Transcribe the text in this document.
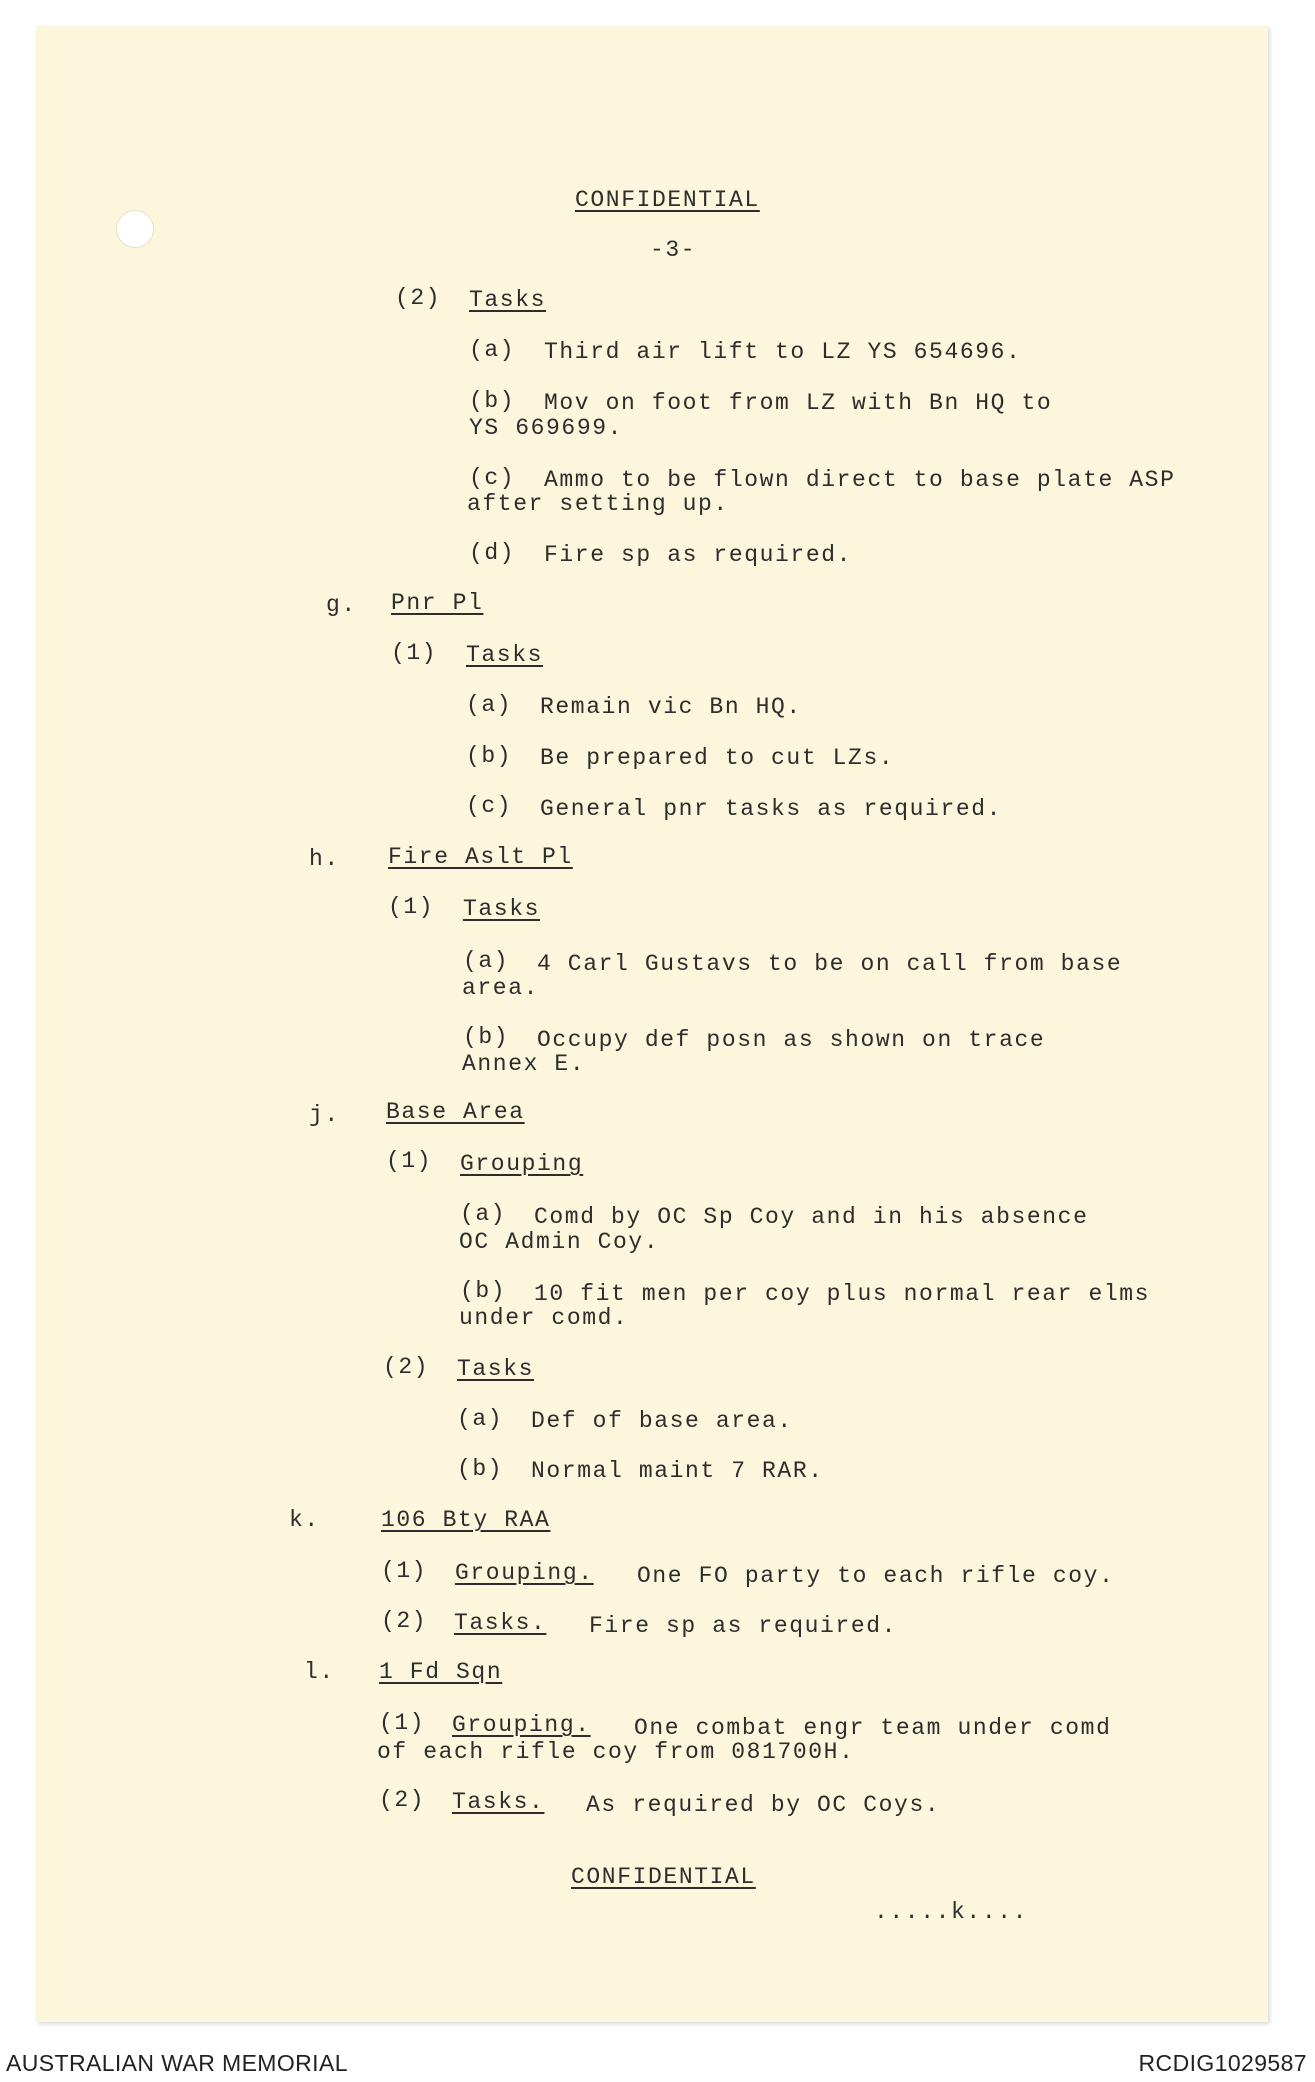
CONFIDENTIAL
-3-
(2) Tasks
(a) Third air lift to LZ YS 654696.
(b) Mov on foot from LZ with Bn HQ to
YS 669699.
(c) Ammo to be flown direct to base plate ASP
after setting up.
(d) Fire sp as required.
g. Pnr Pl
(1) Tasks
(a) Remain vic Bn HQ.
(b) Be prepared to cut LZs.
(c) General pnr tasks as required.
h. Fire Aslt Pl
(1) Tasks
(a) 4 Carl Gustavs to be on call from base
area.
(b) Occupy def posn as shown on trace
Annex E.
j. Base Area
(1) Grouping
(a) Comd by OC Sp Coy and in his absence
OC Admin Coy.
(b) 10 fit men per coy plus normal rear elms
under comd.
(2) Tasks
(a) Def of base area.
(b) Normal maint 7 RAR.
k.	106 Bty RAA
(1) Grouping. One FO party to each rifle coy.
(2) Tasks. Fire sp as required.
l. 1 Fd Sqn
(1) Grouping. One combat engr team under comd
of each rifle coy from 081700H.
(2) Tasks. As required by OC Coys.
CONFIDENTIAL
.....k....
AUSTRALIAN WAR MEMORIAL	RCDIG1029587
